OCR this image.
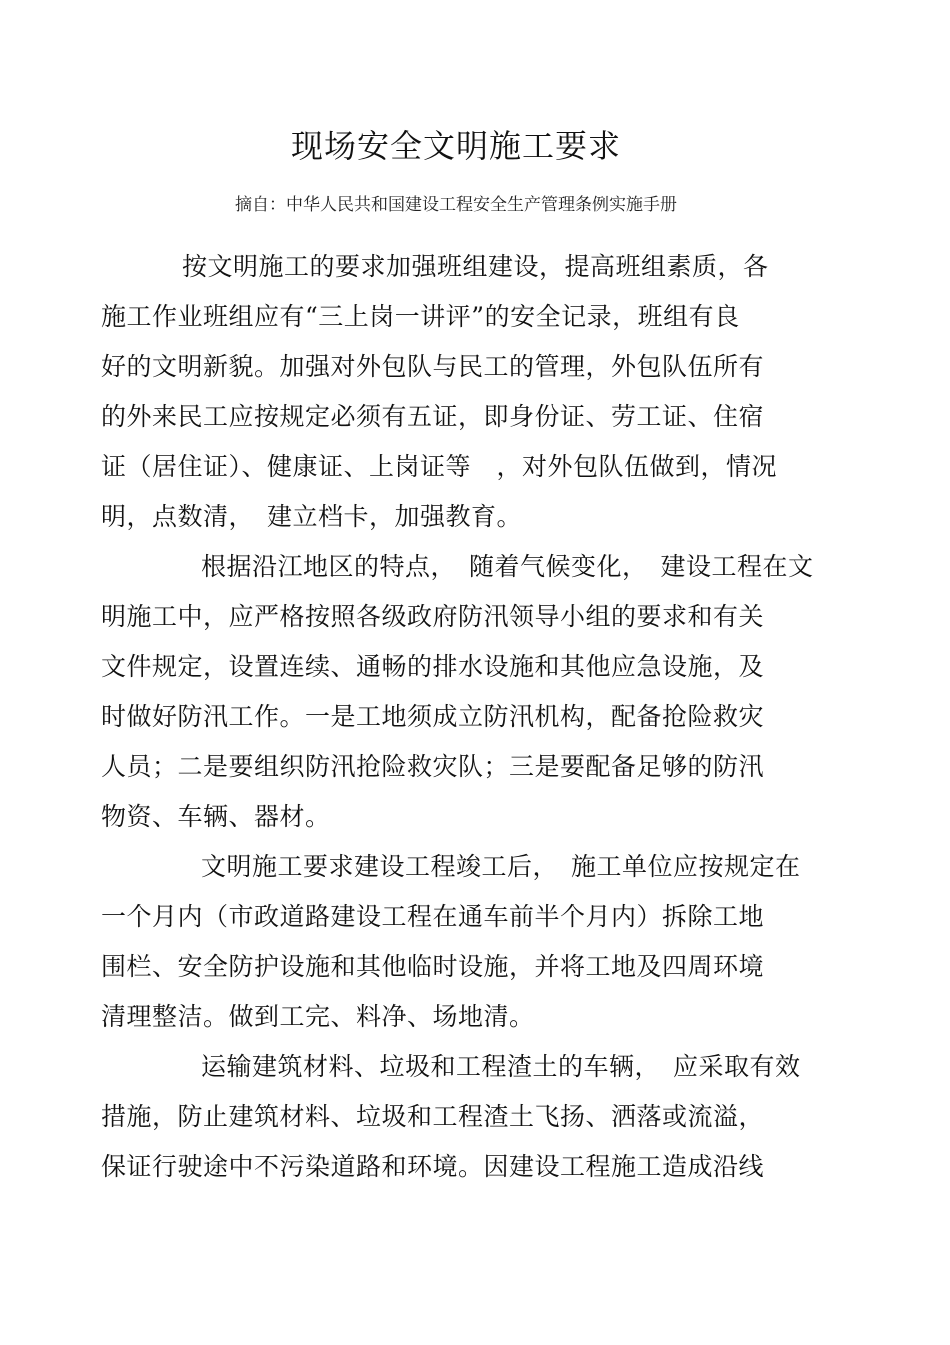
现场安全文明施工要求
摘自：中华人民共和国建设工程安全生产管理条例实施手册
按文明施工的要求加强班组建设，提高班组素质，各
施工作业班组应有“三上岗一讲评”的安全记录，班组有良
好的文明新貌。加强对外包队与民工的管理，外包队伍所有
的外来民工应按规定必须有五证，即身份证、劳工证、住宿
证（居住证）、健康证、上岗证等　，对外包队伍做到，情况
明，点数清，　建立档卡，加强教育。
根据沿江地区的特点，　随着气候变化，　建设工程在文
明施工中，应严格按照各级政府防汛领导小组的要求和有关
文件规定，设置连续、通畅的排水设施和其他应急设施，及
时做好防汛工作。一是工地须成立防汛机构，配备抢险救灾
人员；二是要组织防汛抢险救灾队；三是要配备足够的防汛
物资、车辆、器材。
文明施工要求建设工程竣工后，　施工单位应按规定在
一个月内（市政道路建设工程在通车前半个月内）拆除工地
围栏、安全防护设施和其他临时设施，并将工地及四周环境
清理整洁。做到工完、料净、场地清。
运输建筑材料、垃圾和工程渣土的车辆，　应采取有效
措施，防止建筑材料、垃圾和工程渣土飞扬、洒落或流溢，
保证行驶途中不污染道路和环境。因建设工程施工造成沿线
